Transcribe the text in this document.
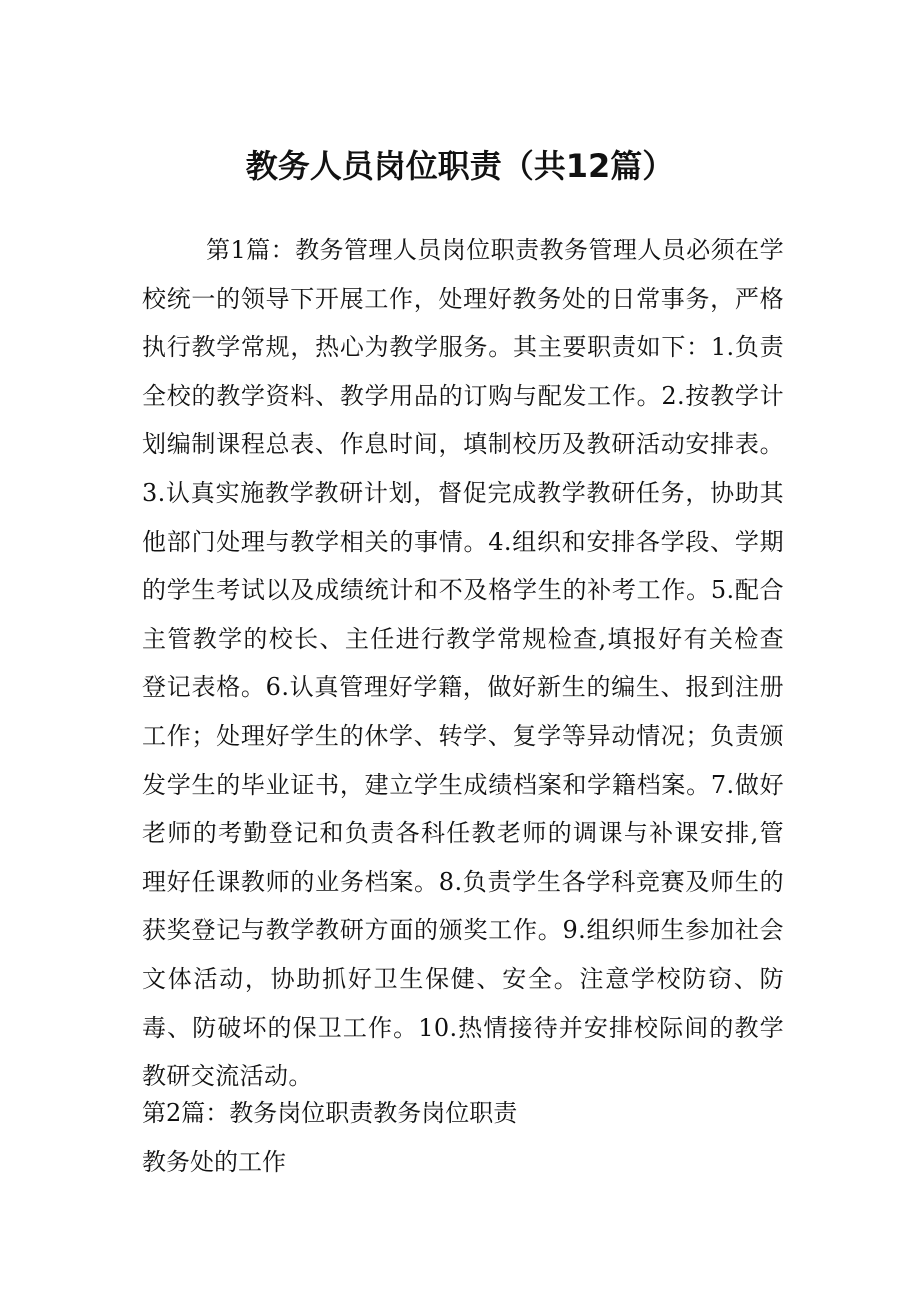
教务人员岗位职责（共12篇）

第1篇：教务管理人员岗位职责教务管理人员必须在学校统一的领导下开展工作，处理好教务处的日常事务，严格执行教学常规，热心为教学服务。其主要职责如下：1.负责全校的教学资料、教学用品的订购与配发工作。2.按教学计划编制课程总表、作息时间，填制校历及教研活动安排表。3.认真实施教学教研计划，督促完成教学教研任务，协助其他部门处理与教学相关的事情。4.组织和安排各学段、学期的学生考试以及成绩统计和不及格学生的补考工作。5.配合主管教学的校长、主任进行教学常规检查,填报好有关检查登记表格。6.认真管理好学籍，做好新生的编生、报到注册工作；处理好学生的休学、转学、复学等异动情况；负责颁发学生的毕业证书，建立学生成绩档案和学籍档案。7.做好老师的考勤登记和负责各科任教老师的调课与补课安排,管理好任课教师的业务档案。8.负责学生各学科竞赛及师生的获奖登记与教学教研方面的颁奖工作。9.组织师生参加社会文体活动，协助抓好卫生保健、安全。注意学校防窃、防毒、防破坏的保卫工作。10.热情接待并安排校际间的教学教研交流活动。

第2篇：教务岗位职责教务岗位职责

教务处的工作
